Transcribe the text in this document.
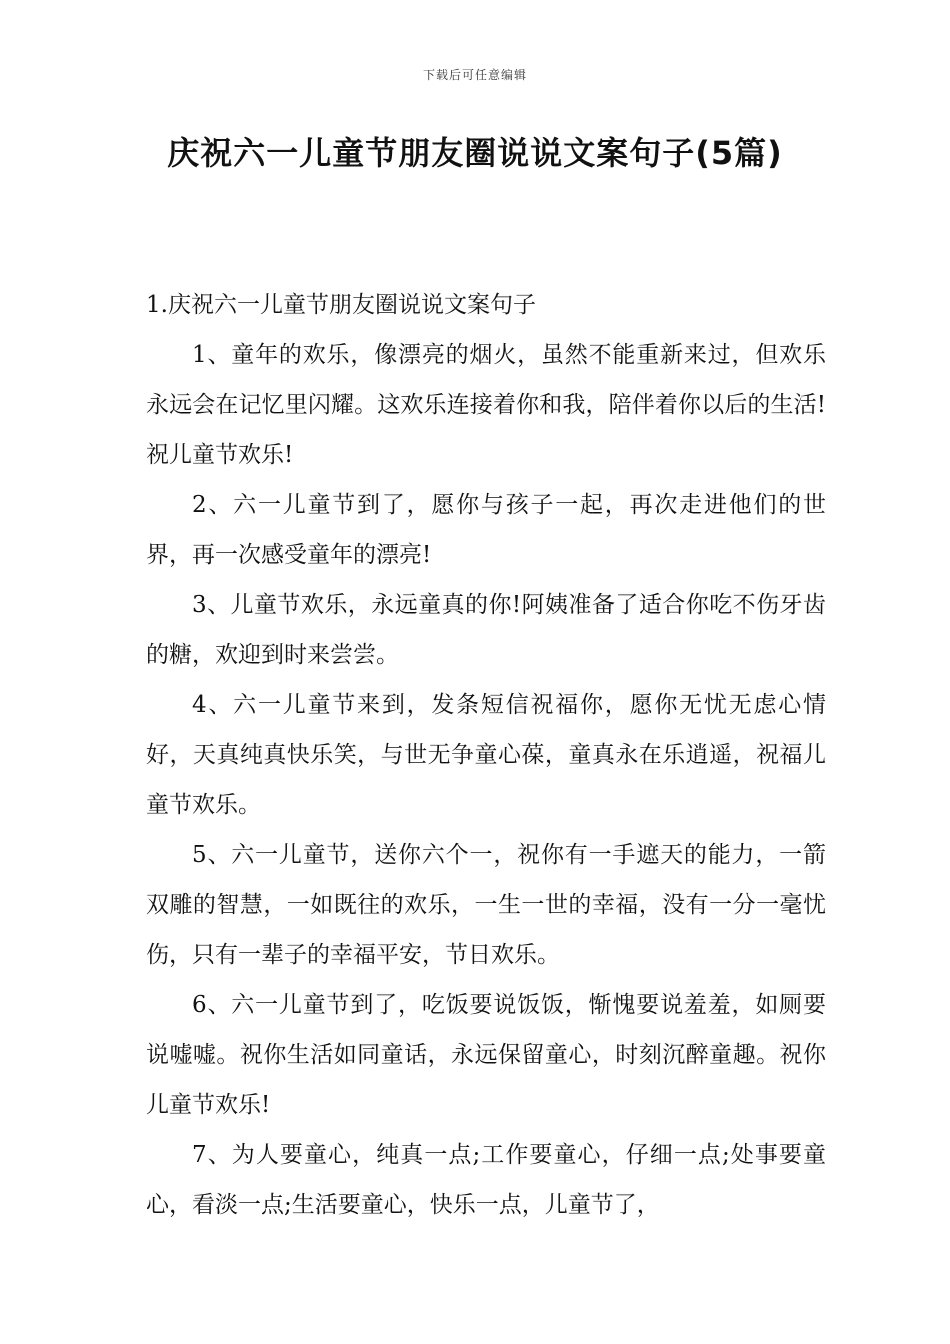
下载后可任意编辑
庆祝六一儿童节朋友圈说说文案句子(5篇)

1.庆祝六一儿童节朋友圈说说文案句子

1、童年的欢乐，像漂亮的烟火，虽然不能重新来过，但欢乐永远会在记忆里闪耀。这欢乐连接着你和我，陪伴着你以后的生活!祝儿童节欢乐!

2、六一儿童节到了，愿你与孩子一起，再次走进他们的世界，再一次感受童年的漂亮!

3、儿童节欢乐，永远童真的你!阿姨准备了适合你吃不伤牙齿的糖，欢迎到时来尝尝。

4、六一儿童节来到，发条短信祝福你，愿你无忧无虑心情好，天真纯真快乐笑，与世无争童心葆，童真永在乐逍遥，祝福儿童节欢乐。

5、六一儿童节，送你六个一，祝你有一手遮天的能力，一箭双雕的智慧，一如既往的欢乐，一生一世的幸福，没有一分一毫忧伤，只有一辈子的幸福平安，节日欢乐。

6、六一儿童节到了，吃饭要说饭饭，惭愧要说羞羞，如厕要说嘘嘘。祝你生活如同童话，永远保留童心，时刻沉醉童趣。祝你儿童节欢乐!

7、为人要童心，纯真一点;工作要童心，仔细一点;处事要童心，看淡一点;生活要童心，快乐一点，儿童节了，
